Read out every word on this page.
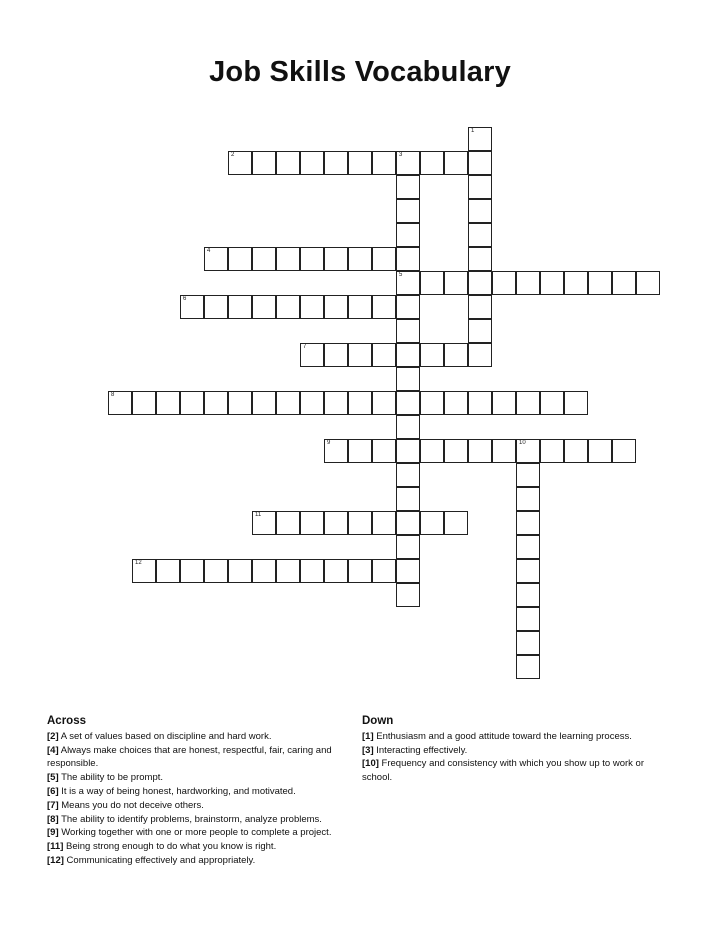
Job Skills Vocabulary
1
2	3
5
4
6
7
8
9	10
11
12
Across

[2] A set of values based on discipline and hard work.

[4] Always make choices that are honest, respectful, fair, caring and responsible.

[5] The ability to be prompt.

[6] It is a way of being honest, hardworking, and motivated.

[7] Means you do not deceive others.

[8] The ability to identify problems, brainstorm, analyze problems.

[9] Working together with one or more people to complete a project.

[11] Being strong enough to do what you know is right.

[12] Communicating effectively and appropriately.

Down

[1] Enthusiasm and a good attitude toward the learning process.

[3] Interacting effectively.

[10] Frequency and consistency with which you show up to work or school.
